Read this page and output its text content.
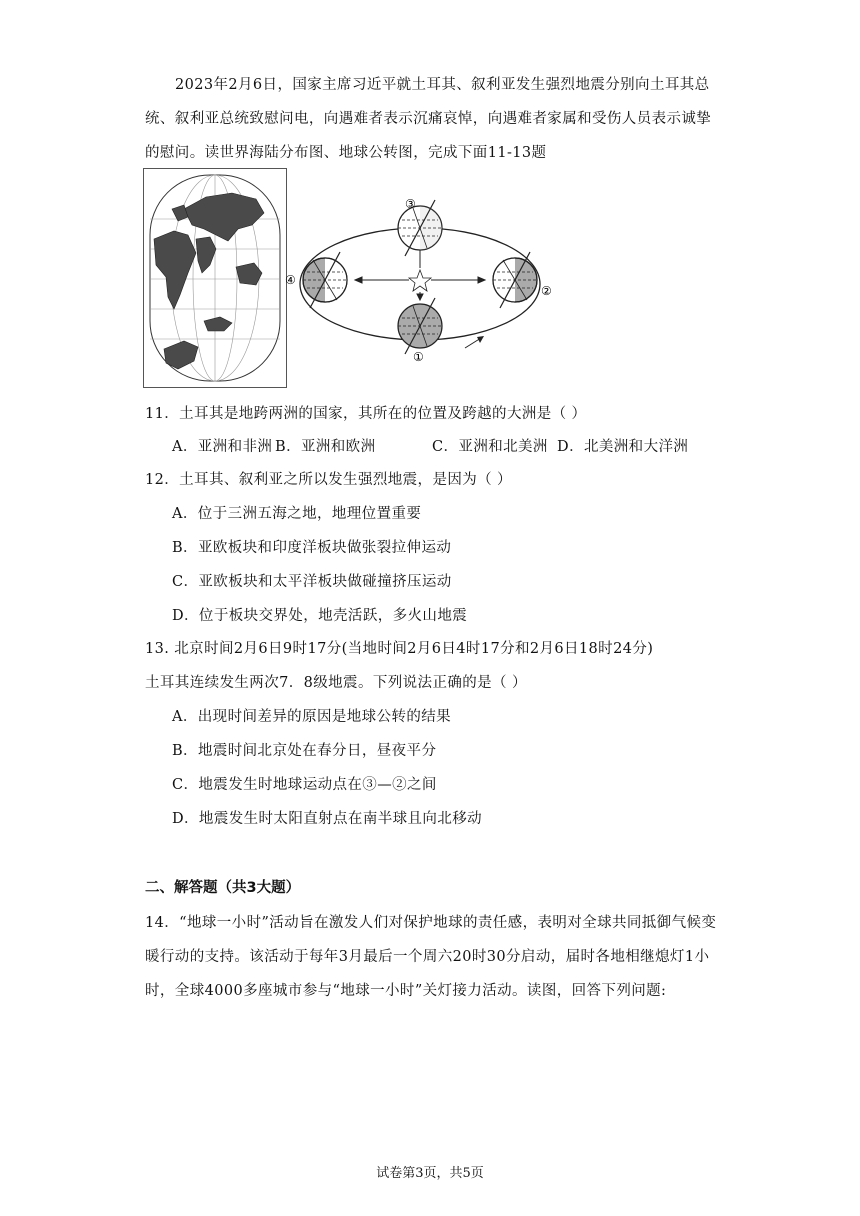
2023年2月6日，国家主席习近平就土耳其、叙利亚发生强烈地震分别向土耳其总统、叙利亚总统致慰问电，向遇难者表示沉痛哀悼，向遇难者家属和受伤人员表示诚挚的慰问。读世界海陆分布图、地球公转图，完成下面11-13题
③
④
②
①
11．土耳其是地跨两洲的国家，其所在的位置及跨越的大洲是（ ）
A．亚洲和非洲 B．亚洲和欧洲	C．亚洲和北美洲 D．北美洲和大洋洲
12．土耳其、叙利亚之所以发生强烈地震，是因为（ ）
A．位于三洲五海之地，地理位置重要
B．亚欧板块和印度洋板块做张裂拉伸运动
C．亚欧板块和太平洋板块做碰撞挤压运动
D．位于板块交界处，地壳活跃，多火山地震
13. 北京时间2月6日9时17分(当地时间2月6日4时17分和2月6日18时24分)
土耳其连续发生两次7．8级地震。下列说法正确的是（ ）
A．出现时间差异的原因是地球公转的结果
B．地震时间北京处在春分日，昼夜平分
C．地震发生时地球运动点在③—②之间
D．地震发生时太阳直射点在南半球且向北移动
二、解答题（共3大题）
14．“地球一小时”活动旨在激发人们对保护地球的责任感，表明对全球共同抵御气候变暖行动的支持。该活动于每年3月最后一个周六20时30分启动，届时各地相继熄灯1小时，全球4000多座城市参与“地球一小时”关灯接力活动。读图，回答下列问题:
试卷第3页，共5页
